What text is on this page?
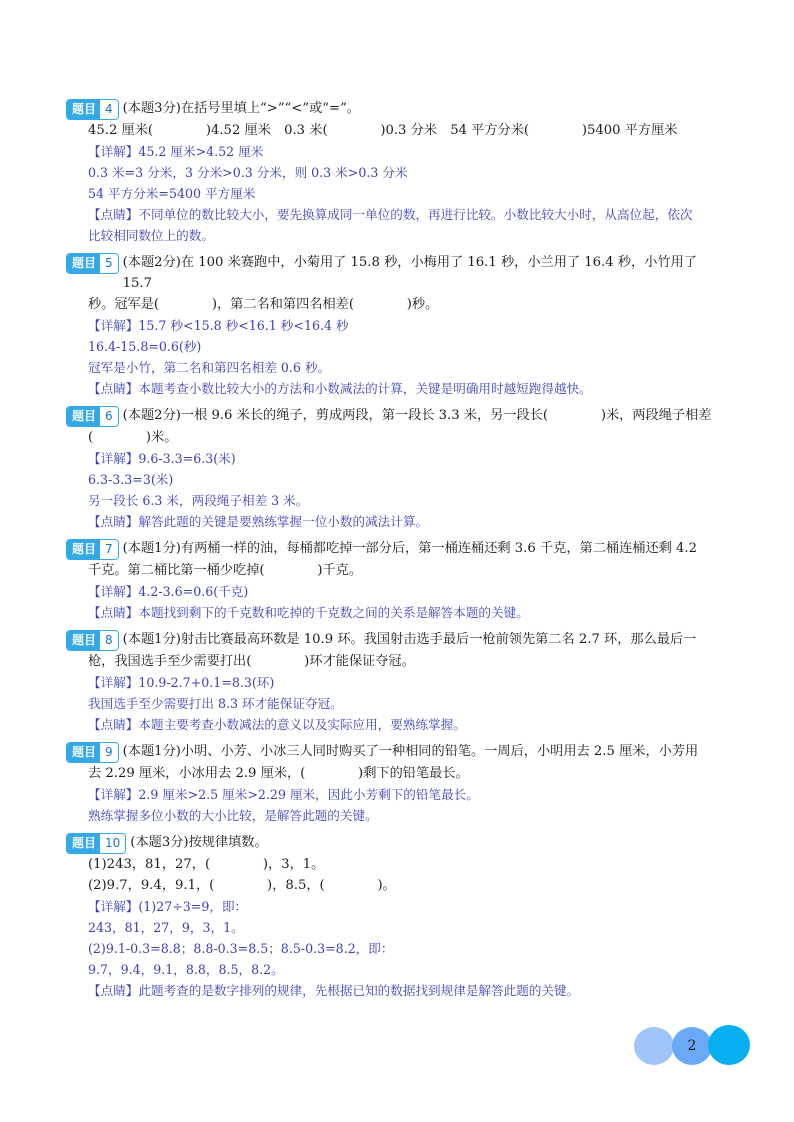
题目 4 (本题3分)在括号里填上“>”“<”或“=”。
45.2 厘米(　　　　)4.52 厘米　0.3 米(　　　　)0.3 分米　54 平方分米(　　　　)5400 平方厘米
【详解】45.2 厘米>4.52 厘米
0.3 米=3 分米，3 分米>0.3 分米，则 0.3 米>0.3 分米
54 平方分米=5400 平方厘米
【点睛】不同单位的数比较大小，要先换算成同一单位的数，再进行比较。小数比较大小时，从高位起，依次
比较相同数位上的数。
题目 5 (本题2分)在 100 米赛跑中，小菊用了 15.8 秒，小梅用了 16.1 秒，小兰用了 16.4 秒，小竹用了 15.7
秒。冠军是(　　　　)，第二名和第四名相差(　　　　)秒。
【详解】15.7 秒<15.8 秒<16.1 秒<16.4 秒
16.4-15.8=0.6(秒)
冠军是小竹，第二名和第四名相差 0.6 秒。
【点睛】本题考查小数比较大小的方法和小数减法的计算，关键是明确用时越短跑得越快。
题目 6 (本题2分)一根 9.6 米长的绳子，剪成两段，第一段长 3.3 米，另一段长(　　　　)米，两段绳子相差
(　　　　)米。
【详解】9.6-3.3=6.3(米)
6.3-3.3=3(米)
另一段长 6.3 米，两段绳子相差 3 米。
【点睛】解答此题的关键是要熟练掌握一位小数的减法计算。
题目 7 (本题1分)有两桶一样的油，每桶都吃掉一部分后，第一桶连桶还剩 3.6 千克，第二桶连桶还剩 4.2
千克。第二桶比第一桶少吃掉(　　　　)千克。
【详解】4.2-3.6=0.6(千克)
【点睛】本题找到剩下的千克数和吃掉的千克数之间的关系是解答本题的关键。
题目 8 (本题1分)射击比赛最高环数是 10.9 环。我国射击选手最后一枪前领先第二名 2.7 环，那么最后一
枪，我国选手至少需要打出(　　　　)环才能保证夺冠。
【详解】10.9-2.7+0.1=8.3(环)
我国选手至少需要打出 8.3 环才能保证夺冠。
【点睛】本题主要考查小数减法的意义以及实际应用，要熟练掌握。
题目 9 (本题1分)小明、小芳、小冰三人同时购买了一种相同的铅笔。一周后，小明用去 2.5 厘米，小芳用
去 2.29 厘米，小冰用去 2.9 厘米，(　　　　)剩下的铅笔最长。
【详解】2.9 厘米>2.5 厘米>2.29 厘米，因此小芳剩下的铅笔最长。
熟练掌握多位小数的大小比较，是解答此题的关键。
题目 10 (本题3分)按规律填数。
(1)243，81，27，(　　　　)，3，1。
(2)9.7，9.4，9.1，(　　　　)，8.5，(　　　　)。
【详解】(1)27÷3=9，即：
243，81，27，9，3，1。
(2)9.1-0.3=8.8；8.8-0.3=8.5；8.5-0.3=8.2，即：
9.7，9.4，9.1，8.8，8.5，8.2。
【点睛】此题考查的是数字排列的规律，先根据已知的数据找到规律是解答此题的关键。
2
